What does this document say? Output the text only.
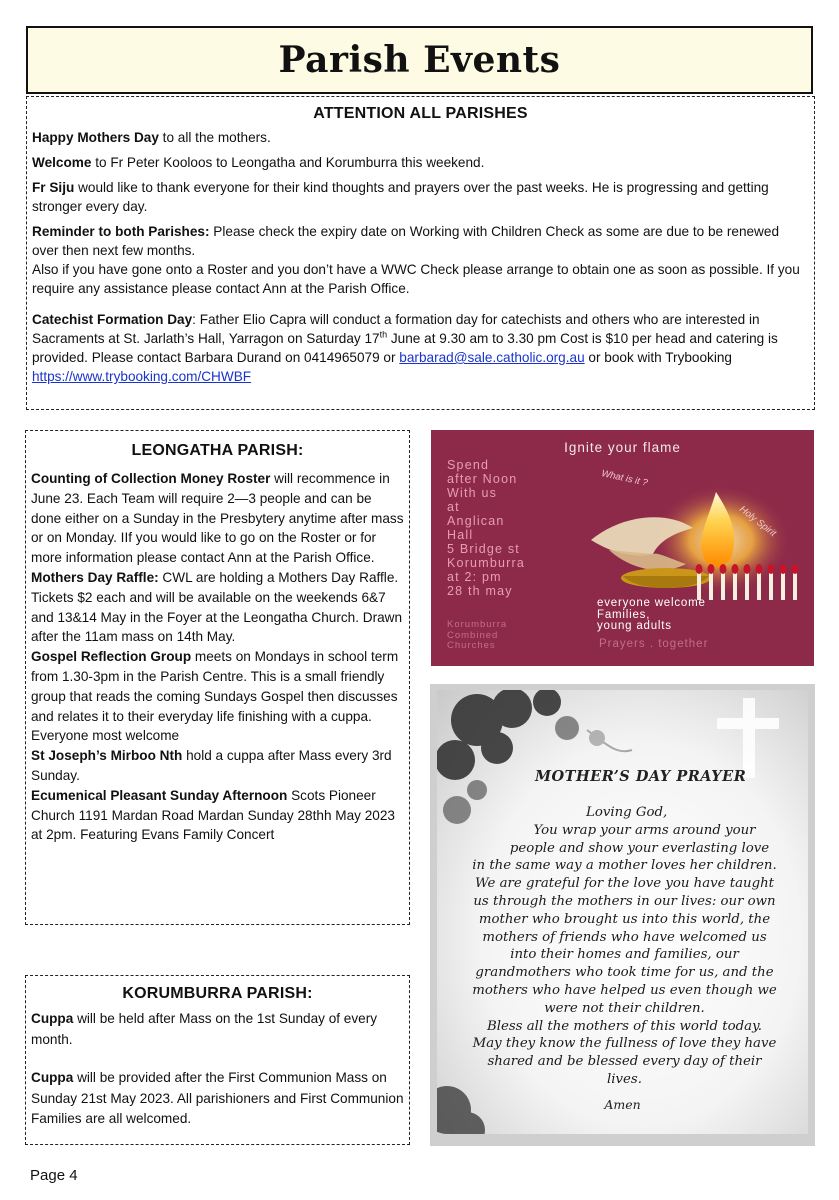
Parish Events
ATTENTION ALL PARISHES

Happy Mothers Day to all the mothers.

Welcome to Fr Peter Kooloos to Leongatha and Korumburra this weekend.

Fr Siju would like to thank everyone for their kind thoughts and prayers over the past weeks. He is progressing and getting stronger every day.

Reminder to both Parishes: Please check the expiry date on Working with Children Check as some are due to be renewed over then next few months.

Also if you have gone onto a Roster and you don’t have a WWC Check please arrange to obtain one as soon as possible. If you require any assistance please contact Ann at the Parish Office.

Catechist Formation Day: Father Elio Capra will conduct a formation day for catechists and others who are interested in Sacraments at St. Jarlath’s Hall, Yarragon on Saturday 17th June at 9.30 am to 3.30 pm Cost is $10 per head and catering is provided. Please contact Barbara Durand on 0414965079 or barbarad@sale.catholic.org.au or book with Trybooking https://www.trybooking.com/CHWBF

LEONGATHA PARISH:

Counting of Collection Money Roster will recommence in June 23. Each Team will require 2—3 people and can be done either on a Sunday in the Presbytery anytime after mass or on Monday. IIf you would like to go on the Roster or for more information please contact Ann at the Parish Office.

Mothers Day Raffle: CWL are holding a Mothers Day Raffle. Tickets $2 each and will be available on the weekends 6&7 and 13&14 May in the Foyer at the Leongatha Church. Drawn after the 11am mass on 14th May.

Gospel Reflection Group meets on Mondays in school term from 1.30-3pm in the Parish Centre. This is a small friendly group that reads the coming Sundays Gospel then discusses and relates it to their everyday life finishing with a cuppa. Everyone most welcome

St Joseph’s Mirboo Nth hold a cuppa after Mass every 3rd Sunday.

Ecumenical Pleasant Sunday Afternoon Scots Pioneer Church 1191 Mardan Road Mardan Sunday 28thh May 2023 at 2pm. Featuring Evans Family Concert

KORUMBURRA PARISH:

Cuppa will be held after Mass on the 1st Sunday of every month.

Cuppa will be provided after the First Communion Mass on Sunday 21st May 2023. All parishioners and First Communion Families are all welcomed.

Ignite your flame
Spend
after Noon
With us
at
Anglican
Hall
5 Bridge st
Korumburra
at 2: pm
28 th may
What is it ?
Holy Spirit
everyone welcome
Families,
young adults
Korumburra
Combined
Churches	Prayers . together
MOTHER’S DAY PRAYER
Loving God,
You wrap your arms around your
people and show your everlasting love
in the same way a mother loves her children.
We are grateful for the love you have taught
us through the mothers in our lives: our own
mother who brought us into this world, the
mothers of friends who have welcomed us
into their homes and families, our
grandmothers who took time for us, and the
mothers who have helped us even though we
were not their children.
Bless all the mothers of this world today.
May they know the fullness of love they have
shared and be blessed every day of their
lives.
Amen
Page 4
